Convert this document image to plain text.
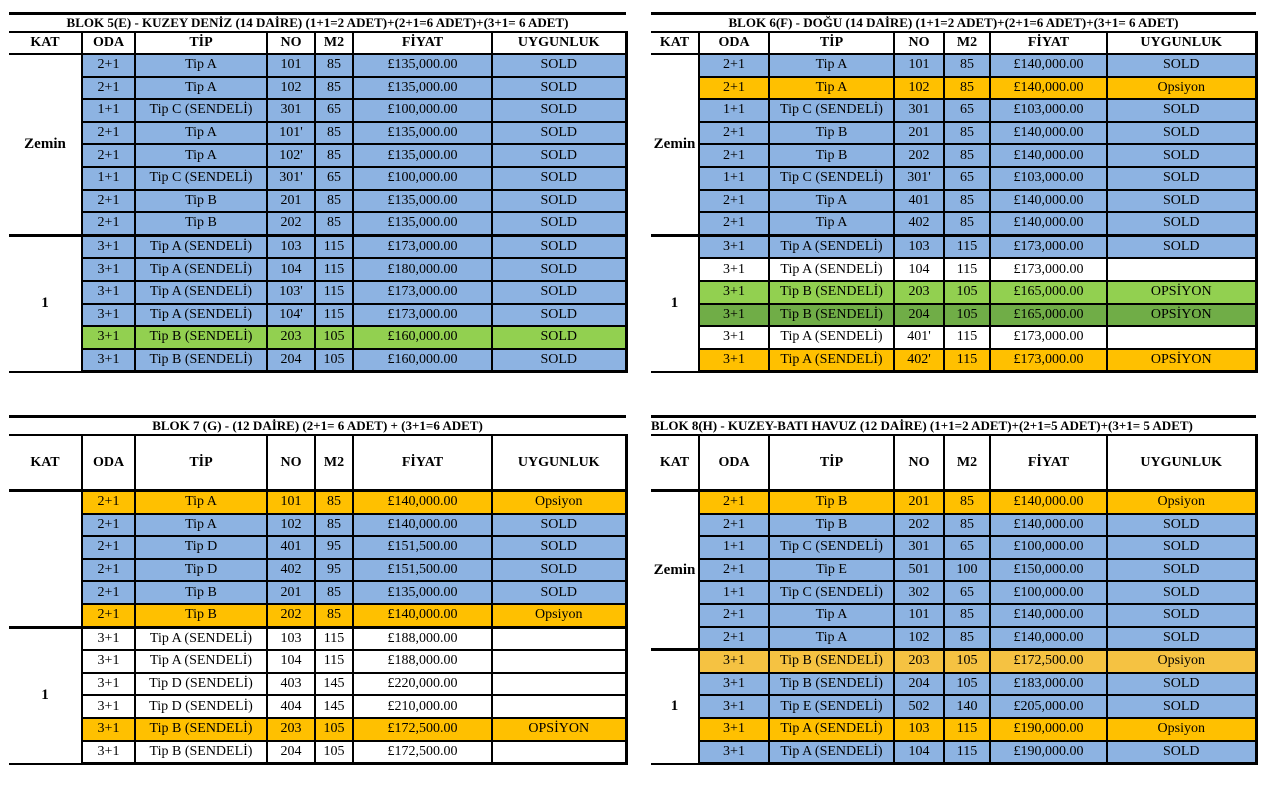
BLOK 5(E) - KUZEY DENİZ (14 DAİRE) (1+1=2 ADET)+(2+1=6 ADET)+(3+1= 6 ADET)
KAT	ODA	TİP	NO	M2	FİYAT	UYGUNLUK
Zemin	2+1	Tip A	101	85	£135,000.00	SOLD
	2+1	Tip A	102	85	£135,000.00	SOLD
	1+1	Tip C (SENDELİ)	301	65	£100,000.00	SOLD
	2+1	Tip A	101'	85	£135,000.00	SOLD
	2+1	Tip A	102'	85	£135,000.00	SOLD
	1+1	Tip C (SENDELİ)	301'	65	£100,000.00	SOLD
	2+1	Tip B	201	85	£135,000.00	SOLD
	2+1	Tip B	202	85	£135,000.00	SOLD
1	3+1	Tip A (SENDELİ)	103	115	£173,000.00	SOLD
	3+1	Tip A (SENDELİ)	104	115	£180,000.00	SOLD
	3+1	Tip A (SENDELİ)	103'	115	£173,000.00	SOLD
	3+1	Tip A (SENDELİ)	104'	115	£173,000.00	SOLD
	3+1	Tip B (SENDELİ)	203	105	£160,000.00	SOLD
	3+1	Tip B (SENDELİ)	204	105	£160,000.00	SOLD
BLOK 6(F) - DOĞU (14 DAİRE) (1+1=2 ADET)+(2+1=6 ADET)+(3+1= 6 ADET)
KAT	ODA	TİP	NO	M2	FİYAT	UYGUNLUK
Zemin	2+1	Tip A	101	85	£140,000.00	SOLD
	2+1	Tip A	102	85	£140,000.00	Opsiyon
	1+1	Tip C (SENDELİ)	301	65	£103,000.00	SOLD
	2+1	Tip B	201	85	£140,000.00	SOLD
	2+1	Tip B	202	85	£140,000.00	SOLD
	1+1	Tip C (SENDELİ)	301'	65	£103,000.00	SOLD
	2+1	Tip A	401	85	£140,000.00	SOLD
	2+1	Tip A	402	85	£140,000.00	SOLD
1	3+1	Tip A (SENDELİ)	103	115	£173,000.00	SOLD
	3+1	Tip A (SENDELİ)	104	115	£173,000.00	
	3+1	Tip B (SENDELİ)	203	105	£165,000.00	OPSİYON
	3+1	Tip B (SENDELİ)	204	105	£165,000.00	OPSİYON
	3+1	Tip A (SENDELİ)	401'	115	£173,000.00	
	3+1	Tip A (SENDELİ)	402'	115	£173,000.00	OPSİYON
BLOK 7 (G) - (12 DAİRE) (2+1= 6 ADET) + (3+1=6 ADET)
KAT	ODA	TİP	NO	M2	FİYAT	UYGUNLUK
	2+1	Tip A	101	85	£140,000.00	Opsiyon
	2+1	Tip A	102	85	£140,000.00	SOLD
	2+1	Tip D	401	95	£151,500.00	SOLD
	2+1	Tip D	402	95	£151,500.00	SOLD
	2+1	Tip B	201	85	£135,000.00	SOLD
	2+1	Tip B	202	85	£140,000.00	Opsiyon
1	3+1	Tip A (SENDELİ)	103	115	£188,000.00	
	3+1	Tip A (SENDELİ)	104	115	£188,000.00	
	3+1	Tip D (SENDELİ)	403	145	£220,000.00	
	3+1	Tip D (SENDELİ)	404	145	£210,000.00	
	3+1	Tip B (SENDELİ)	203	105	£172,500.00	OPSİYON
	3+1	Tip B (SENDELİ)	204	105	£172,500.00	
BLOK 8(H) - KUZEY-BATI HAVUZ (12 DAİRE) (1+1=2 ADET)+(2+1=5 ADET)+(3+1= 5 ADET)
KAT	ODA	TİP	NO	M2	FİYAT	UYGUNLUK
Zemin	2+1	Tip B	201	85	£140,000.00	Opsiyon
	2+1	Tip B	202	85	£140,000.00	SOLD
	1+1	Tip C (SENDELİ)	301	65	£100,000.00	SOLD
	2+1	Tip E	501	100	£150,000.00	SOLD
	1+1	Tip C (SENDELİ)	302	65	£100,000.00	SOLD
	2+1	Tip A	101	85	£140,000.00	SOLD
	2+1	Tip A	102	85	£140,000.00	SOLD
1	3+1	Tip B (SENDELİ)	203	105	£172,500.00	Opsiyon
	3+1	Tip B (SENDELİ)	204	105	£183,000.00	SOLD
	3+1	Tip E (SENDELİ)	502	140	£205,000.00	SOLD
	3+1	Tip A (SENDELİ)	103	115	£190,000.00	Opsiyon
	3+1	Tip A (SENDELİ)	104	115	£190,000.00	SOLD
